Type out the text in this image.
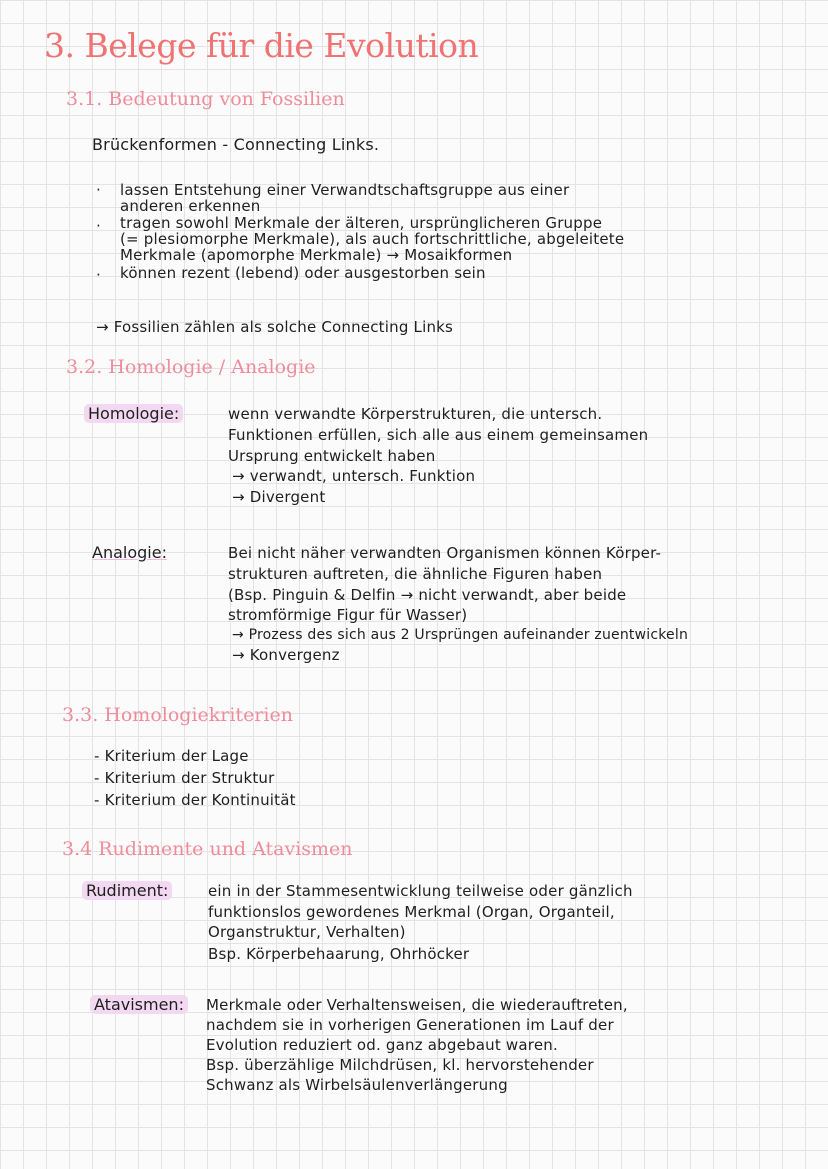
3. Belege für die Evolution
3.1. Bedeutung von Fossilien
Brückenformen - Connecting Links.
·	lassen Entstehung einer Verwandtschaftsgruppe aus einer
anderen erkennen
·	tragen sowohl Merkmale der älteren, ursprünglicheren Gruppe
(= plesiomorphe Merkmale), als auch fortschrittliche, abgeleitete
Merkmale (apomorphe Merkmale) → Mosaikformen
·	können rezent (lebend) oder ausgestorben sein
→ Fossilien zählen als solche Connecting Links
3.2. Homologie / Analogie
Homologie:	wenn verwandte Körperstrukturen, die untersch.
Funktionen erfüllen, sich alle aus einem gemeinsamen
Ursprung entwickelt haben
→ verwandt, untersch. Funktion
→ Divergent
Analogie:	Bei nicht näher verwandten Organismen können Körper-
strukturen auftreten, die ähnliche Figuren haben
(Bsp. Pinguin & Delfin → nicht verwandt, aber beide
stromförmige Figur für Wasser)
→ Prozess des sich aus 2 Ursprüngen aufeinander zuentwickeln
→ Konvergenz
3.3. Homologiekriterien
- Kriterium der Lage
- Kriterium der Struktur
- Kriterium der Kontinuität
3.4 Rudimente und Atavismen
Rudiment:	ein in der Stammesentwicklung teilweise oder gänzlich
funktionslos gewordenes Merkmal (Organ, Organteil,
Organstruktur, Verhalten)
Bsp. Körperbehaarung, Ohrhöcker
Atavismen: Merkmale oder Verhaltensweisen, die wiederauftreten,
nachdem sie in vorherigen Generationen im Lauf der
Evolution reduziert od. ganz abgebaut waren.
Bsp. überzählige Milchdrüsen, kl. hervorstehender
Schwanz als Wirbelsäulenverlängerung
